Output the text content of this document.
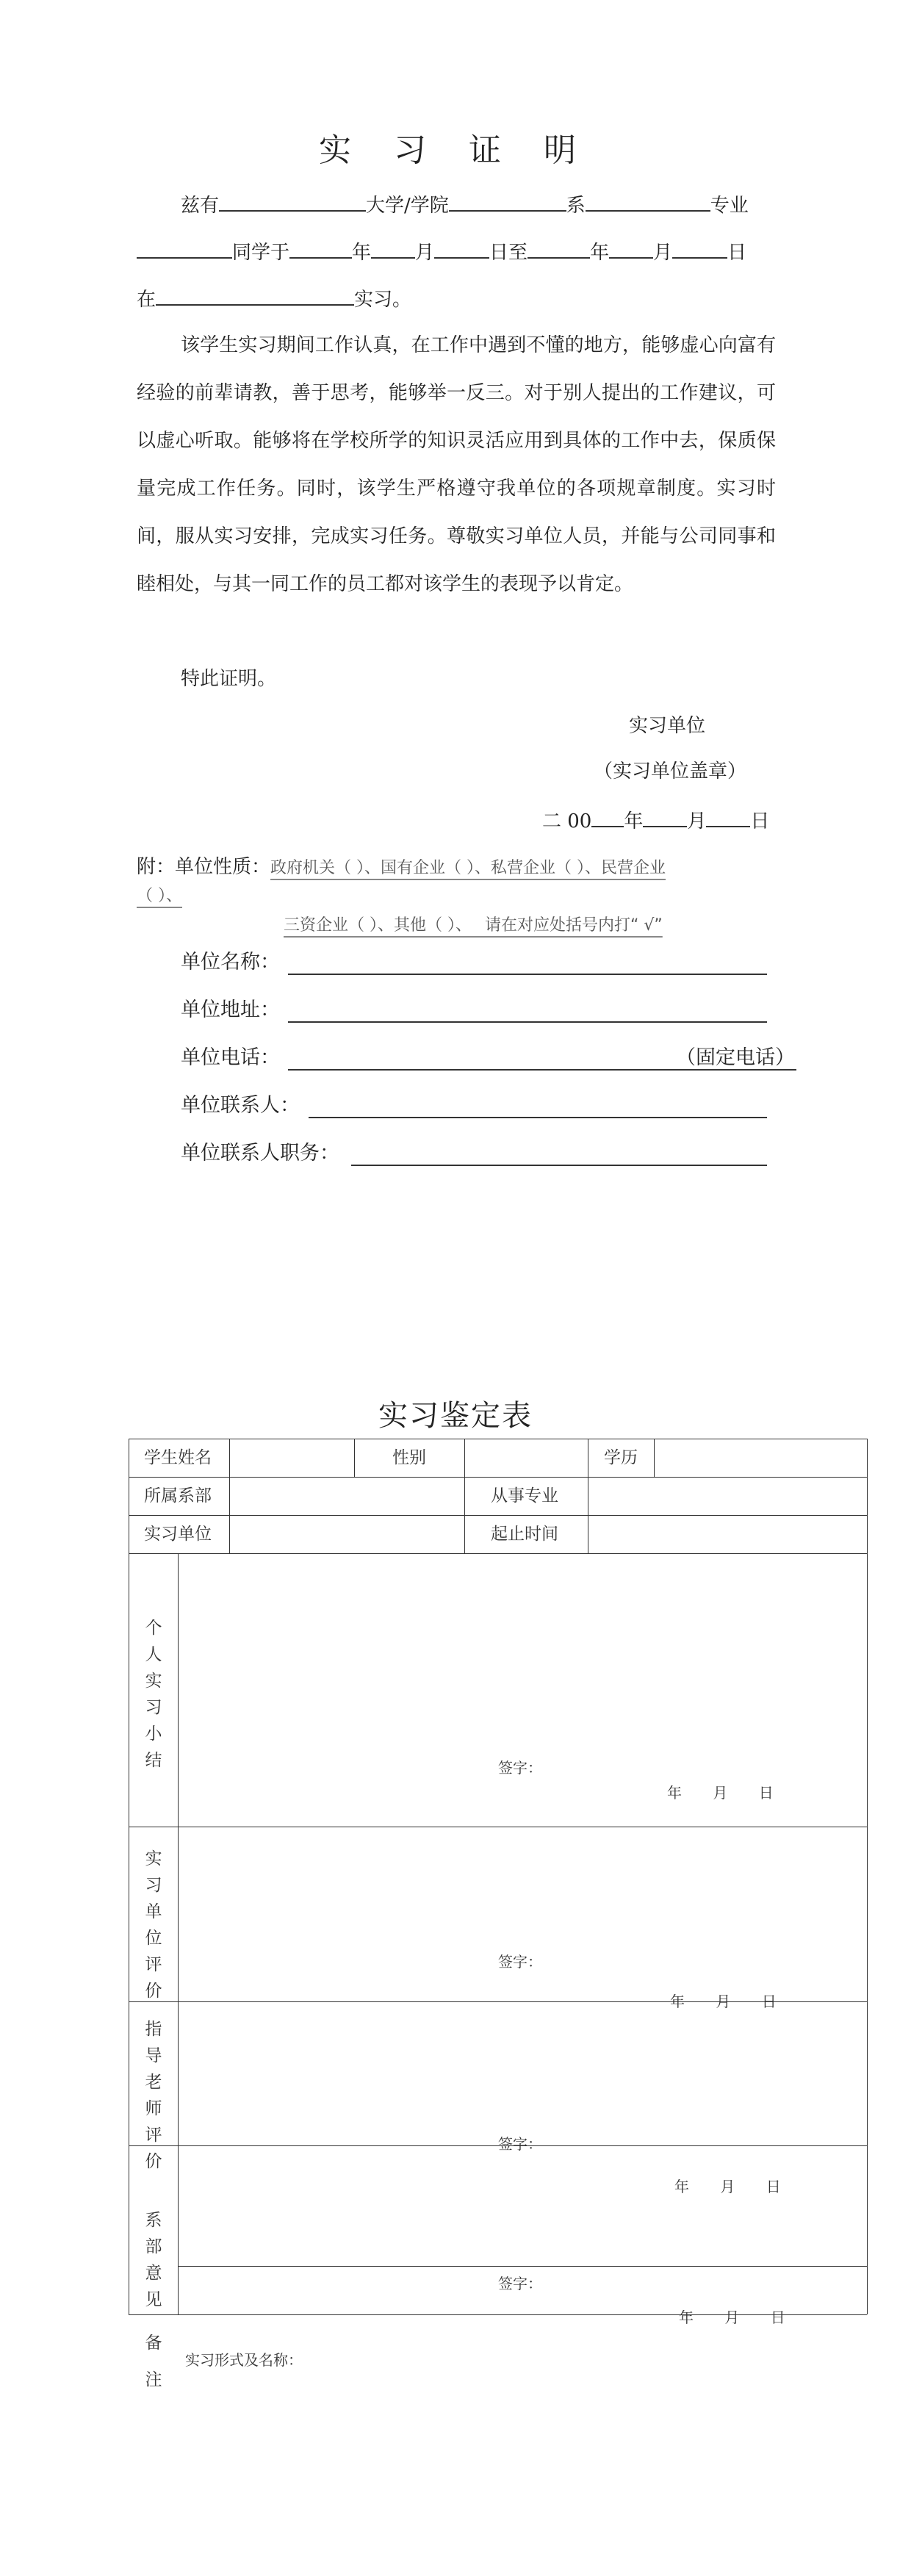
实 习 证 明
兹有	大学/学院	系	专业
同学于	年 月	日至	年 月	日
在	实习。
该学生实习期间工作认真，在工作中遇到不懂的地方，能够虚心向富有经验的前辈请教，善于思考，能够举一反三。对于别人提出的工作建议，可以虚心听取。能够将在学校所学的知识灵活应用到具体的工作中去，保质保量完成工作任务。同时，该学生严格遵守我单位的各项规章制度。实习时间，服从实习安排，完成实习任务。尊敬实习单位人员，并能与公司同事和睦相处，与其一同工作的员工都对该学生的表现予以肯定。
特此证明。
实习单位
（实习单位盖章）
二 00 年 月 日
附：单位性质：政府机关（ ）、国有企业（ ）、私营企业（ ）、民营企业
（ ）、
三资企业（ ）、其他（ ）、　 请在对应处括号内打“ √”
单位名称：
单位地址：
单位电话：	（固定电话）
单位联系人：
单位联系人职务：
实习鉴定表
学生姓名	性别	学历
所属系部	从事专业
实习单位	起止时间
个人实习小结	签字：
年 月 日
实习单位评价
签字：
年 月 日
指导老师评价
签字：
年 月 日
系部意见
签字：
年 月 日
备注
实习形式及名称：
